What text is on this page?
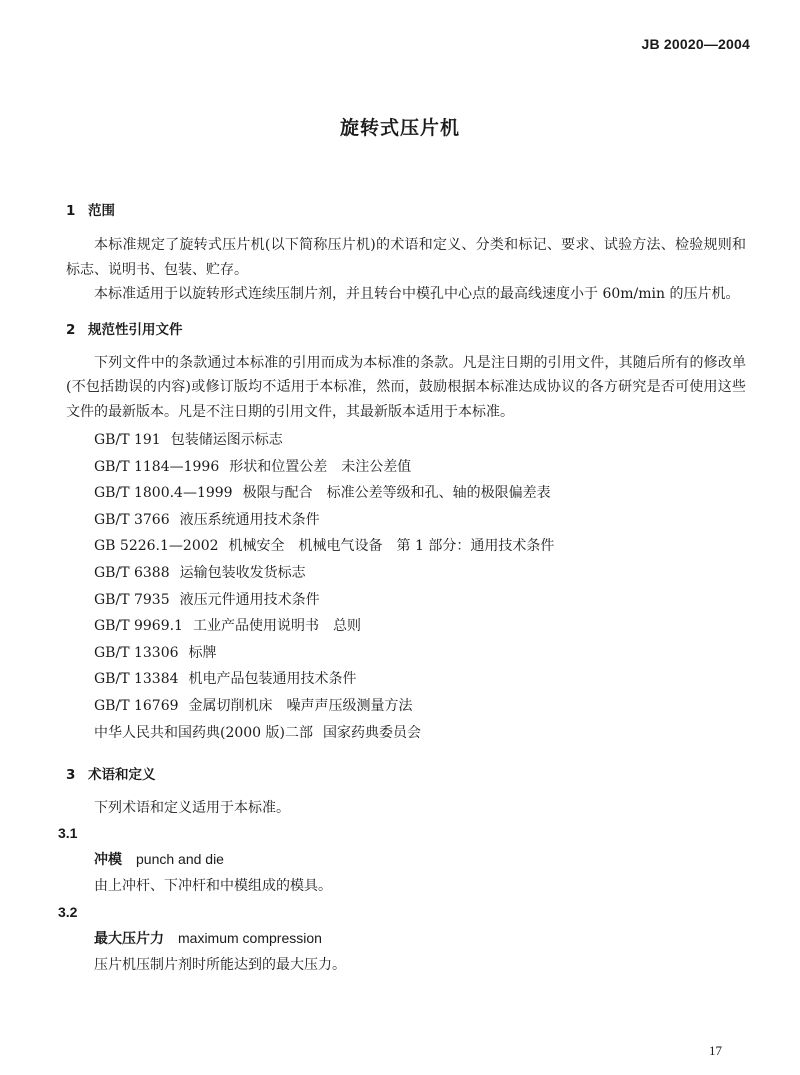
JB 20020—2004
旋转式压片机
1 范围

本标准规定了旋转式压片机(以下简称压片机)的术语和定义、分类和标记、要求、试验方法、检验规则和标志、说明书、包装、贮存。

本标准适用于以旋转形式连续压制片剂，并且转台中模孔中心点的最高线速度小于 60m/min 的压片机。

2 规范性引用文件

下列文件中的条款通过本标准的引用而成为本标准的条款。凡是注日期的引用文件，其随后所有的修改单(不包括勘误的内容)或修订版均不适用于本标准，然而，鼓励根据本标准达成协议的各方研究是否可使用这些文件的最新版本。凡是不注日期的引用文件，其最新版本适用于本标准。

GB/T 191 包装储运图示标志
GB/T 1184—1996 形状和位置公差　未注公差值
GB/T 1800.4—1999 极限与配合　标准公差等级和孔、轴的极限偏差表
GB/T 3766 液压系统通用技术条件
GB 5226.1—2002 机械安全　机械电气设备　第 1 部分：通用技术条件
GB/T 6388 运输包装收发货标志
GB/T 7935 液压元件通用技术条件
GB/T 9969.1 工业产品使用说明书　总则
GB/T 13306 标牌
GB/T 13384 机电产品包装通用技术条件
GB/T 16769 金属切削机床　噪声声压级测量方法
中华人民共和国药典(2000 版)二部 国家药典委员会
3 术语和定义

下列术语和定义适用于本标准。

3.1
冲模 punch and die
由上冲杆、下冲杆和中模组成的模具。
3.2
最大压片力 maximum compression
压片机压制片剂时所能达到的最大压力。
17
